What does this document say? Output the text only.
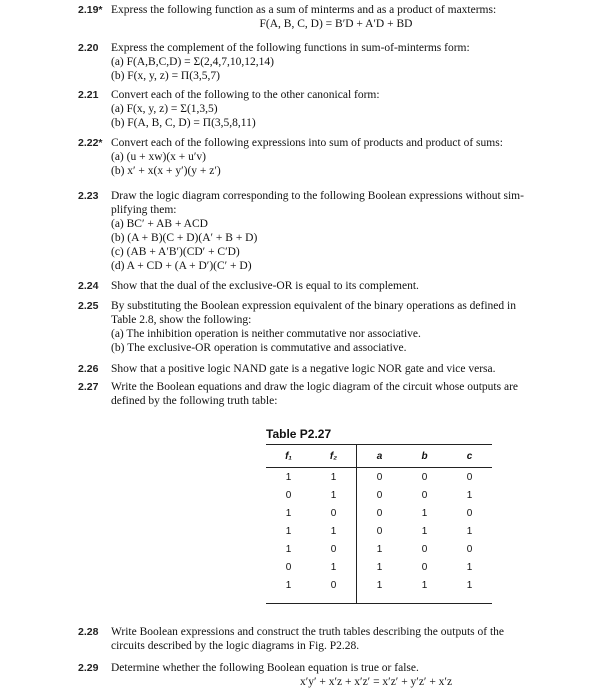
2.19* Express the following function as a sum of minterms and as a product of maxterms:
F(A, B, C, D) = B′D + A′D + BD
2.20 Express the complement of the following functions in sum-of-minterms form:
(a) F(A,B,C,D) = Σ(2,4,7,10,12,14)
(b) F(x, y, z) = Π(3,5,7)
2.21 Convert each of the following to the other canonical form:
(a) F(x, y, z) = Σ(1,3,5)
(b) F(A, B, C, D) = Π(3,5,8,11)
2.22* Convert each of the following expressions into sum of products and product of sums:
(a) (u + xw)(x + u′v)
(b) x′ + x(x + y′)(y + z′)
2.23 Draw the logic diagram corresponding to the following Boolean expressions without sim-
plifying them:
(a) BC′ + AB + ACD
(b) (A + B)(C + D)(A′ + B + D)
(c) (AB + A′B′)(CD′ + C′D)
(d) A + CD + (A + D′)(C′ + D)
2.24 Show that the dual of the exclusive-OR is equal to its complement.
2.25 By substituting the Boolean expression equivalent of the binary operations as defined in
Table 2.8, show the following:
(a) The inhibition operation is neither commutative nor associative.
(b) The exclusive-OR operation is commutative and associative.
2.26 Show that a positive logic NAND gate is a negative logic NOR gate and vice versa.
2.27 Write the Boolean equations and draw the logic diagram of the circuit whose outputs are
defined by the following truth table:
Table P2.27
f₁	f₂	a	b	c
1	1	0	0	0
0	1	0	0	1
1	0	0	1	0
1	1	0	1	1
1	0	1	0	0
0	1	1	0	1
1	0	1	1	1
2.28 Write Boolean expressions and construct the truth tables describing the outputs of the
circuits described by the logic diagrams in Fig. P2.28.
2.29 Determine whether the following Boolean equation is true or false.
x′y′ + x′z + x′z′ = x′z′ + y′z′ + x′z
